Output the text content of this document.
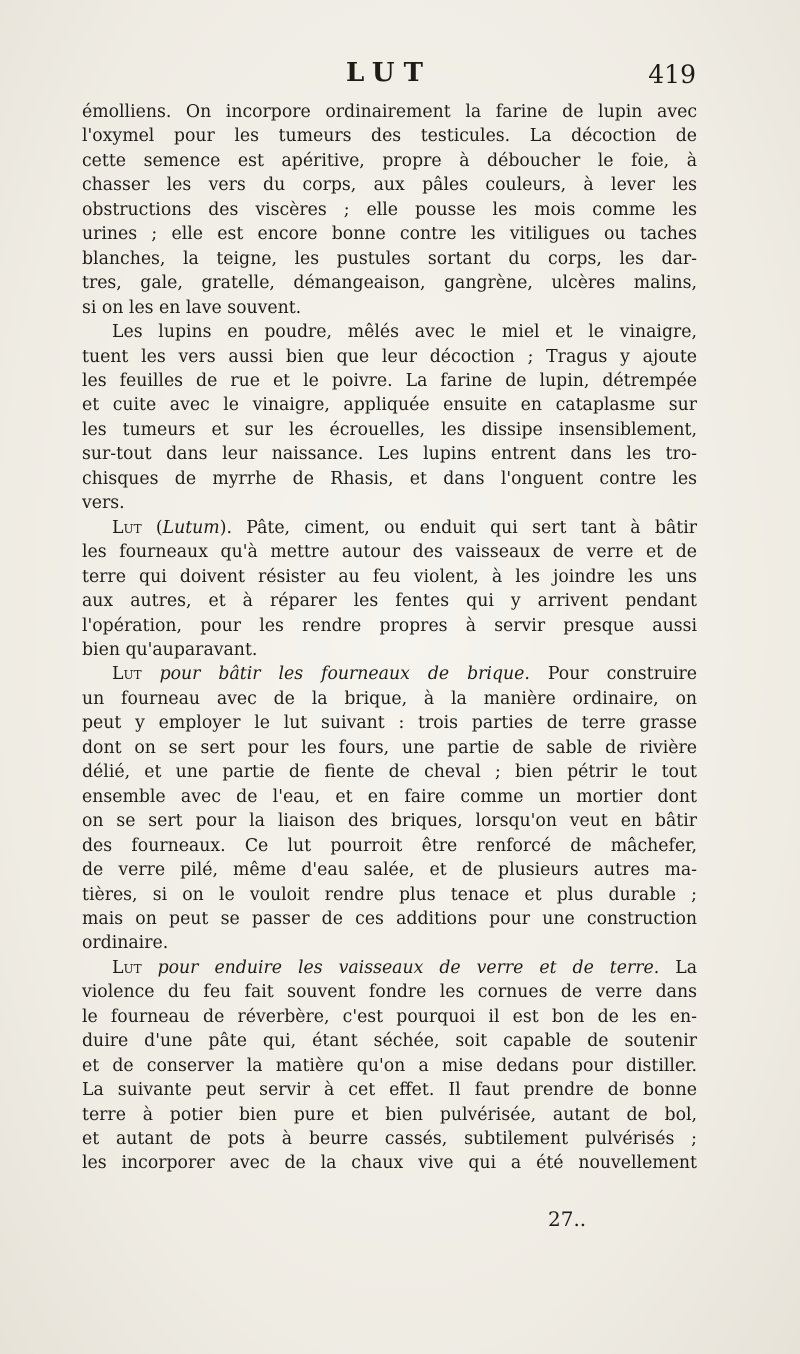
LUT	419
émolliens. On incorpore ordinairement la farine de lupin avec
l'oxymel pour les tumeurs des testicules. La décoction de
cette semence est apéritive, propre à déboucher le foie, à
chasser les vers du corps, aux pâles couleurs, à lever les
obstructions des viscères ; elle pousse les mois comme les
urines ; elle est encore bonne contre les vitiligues ou taches
blanches, la teigne, les pustules sortant du corps, les dar-
tres, gale, gratelle, démangeaison, gangrène, ulcères malins,
si on les en lave souvent.
Les lupins en poudre, mêlés avec le miel et le vinaigre,
tuent les vers aussi bien que leur décoction ; Tragus y ajoute
les feuilles de rue et le poivre. La farine de lupin, détrempée
et cuite avec le vinaigre, appliquée ensuite en cataplasme sur
les tumeurs et sur les écrouelles, les dissipe insensiblement,
sur-tout dans leur naissance. Les lupins entrent dans les tro-
chisques de myrrhe de Rhasis, et dans l'onguent contre les
vers.
Lut (Lutum). Pâte, ciment, ou enduit qui sert tant à bâtir
les fourneaux qu'à mettre autour des vaisseaux de verre et de
terre qui doivent résister au feu violent, à les joindre les uns
aux autres, et à réparer les fentes qui y arrivent pendant
l'opération, pour les rendre propres à servir presque aussi
bien qu'auparavant.
Lut pour bâtir les fourneaux de brique. Pour construire
un fourneau avec de la brique, à la manière ordinaire, on
peut y employer le lut suivant : trois parties de terre grasse
dont on se sert pour les fours, une partie de sable de rivière
délié, et une partie de fiente de cheval ; bien pétrir le tout
ensemble avec de l'eau, et en faire comme un mortier dont
on se sert pour la liaison des briques, lorsqu'on veut en bâtir
des fourneaux. Ce lut pourroit être renforcé de mâchefer,
de verre pilé, même d'eau salée, et de plusieurs autres ma-
tières, si on le vouloit rendre plus tenace et plus durable ;
mais on peut se passer de ces additions pour une construction
ordinaire.
Lut pour enduire les vaisseaux de verre et de terre. La
violence du feu fait souvent fondre les cornues de verre dans
le fourneau de réverbère, c'est pourquoi il est bon de les en-
duire d'une pâte qui, étant séchée, soit capable de soutenir
et de conserver la matière qu'on a mise dedans pour distiller.
La suivante peut servir à cet effet. Il faut prendre de bonne
terre à potier bien pure et bien pulvérisée, autant de bol,
et autant de pots à beurre cassés, subtilement pulvérisés ;
les incorporer avec de la chaux vive qui a été nouvellement
27..
